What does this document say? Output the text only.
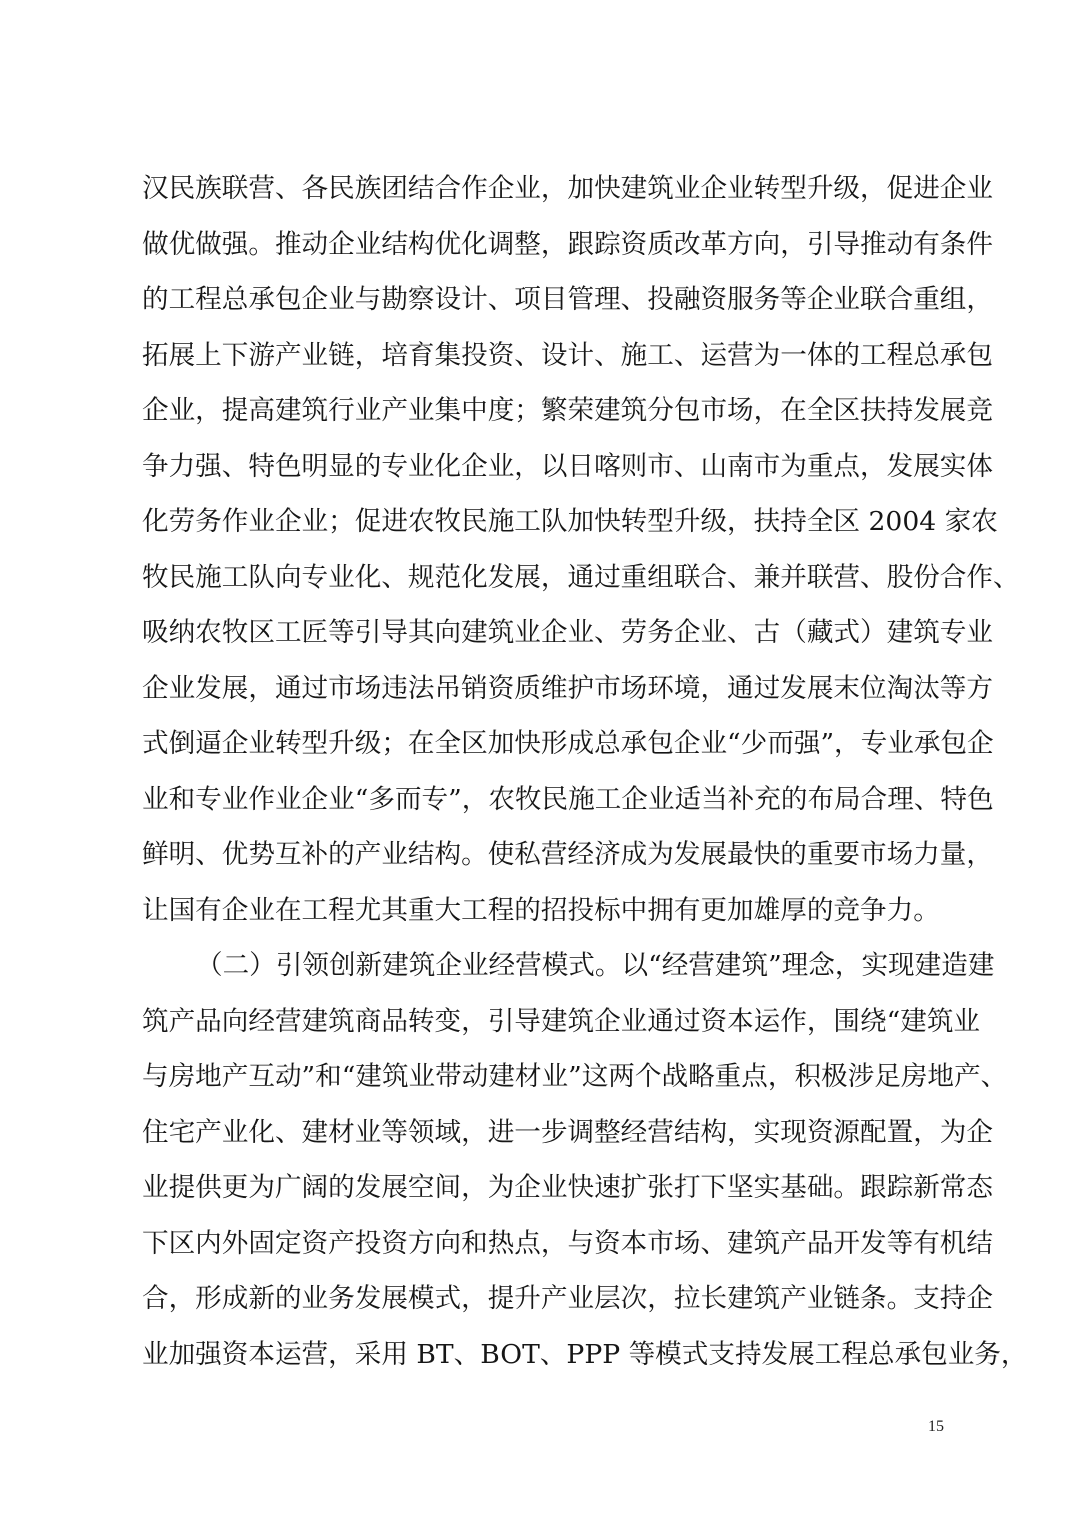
汉民族联营、各民族团结合作企业，加快建筑业企业转型升级，促进企业
做优做强。推动企业结构优化调整，跟踪资质改革方向，引导推动有条件
的工程总承包企业与勘察设计、项目管理、投融资服务等企业联合重组，
拓展上下游产业链，培育集投资、设计、施工、运营为一体的工程总承包
企业，提高建筑行业产业集中度；繁荣建筑分包市场，在全区扶持发展竞
争力强、特色明显的专业化企业，以日喀则市、山南市为重点，发展实体
化劳务作业企业；促进农牧民施工队加快转型升级，扶持全区 2004 家农
牧民施工队向专业化、规范化发展，通过重组联合、兼并联营、股份合作、
吸纳农牧区工匠等引导其向建筑业企业、劳务企业、古（藏式）建筑专业
企业发展，通过市场违法吊销资质维护市场环境，通过发展末位淘汰等方
式倒逼企业转型升级；在全区加快形成总承包企业“少而强”，专业承包企
业和专业作业企业“多而专”，农牧民施工企业适当补充的布局合理、特色
鲜明、优势互补的产业结构。使私营经济成为发展最快的重要市场力量，
让国有企业在工程尤其重大工程的招投标中拥有更加雄厚的竞争力。
（二）引领创新建筑企业经营模式。以“经营建筑”理念，实现建造建
筑产品向经营建筑商品转变，引导建筑企业通过资本运作，围绕“建筑业
与房地产互动”和“建筑业带动建材业”这两个战略重点，积极涉足房地产、
住宅产业化、建材业等领域，进一步调整经营结构，实现资源配置，为企
业提供更为广阔的发展空间，为企业快速扩张打下坚实基础。跟踪新常态
下区内外固定资产投资方向和热点，与资本市场、建筑产品开发等有机结
合，形成新的业务发展模式，提升产业层次，拉长建筑产业链条。支持企
业加强资本运营，采用 BT、BOT、PPP 等模式支持发展工程总承包业务，
15
